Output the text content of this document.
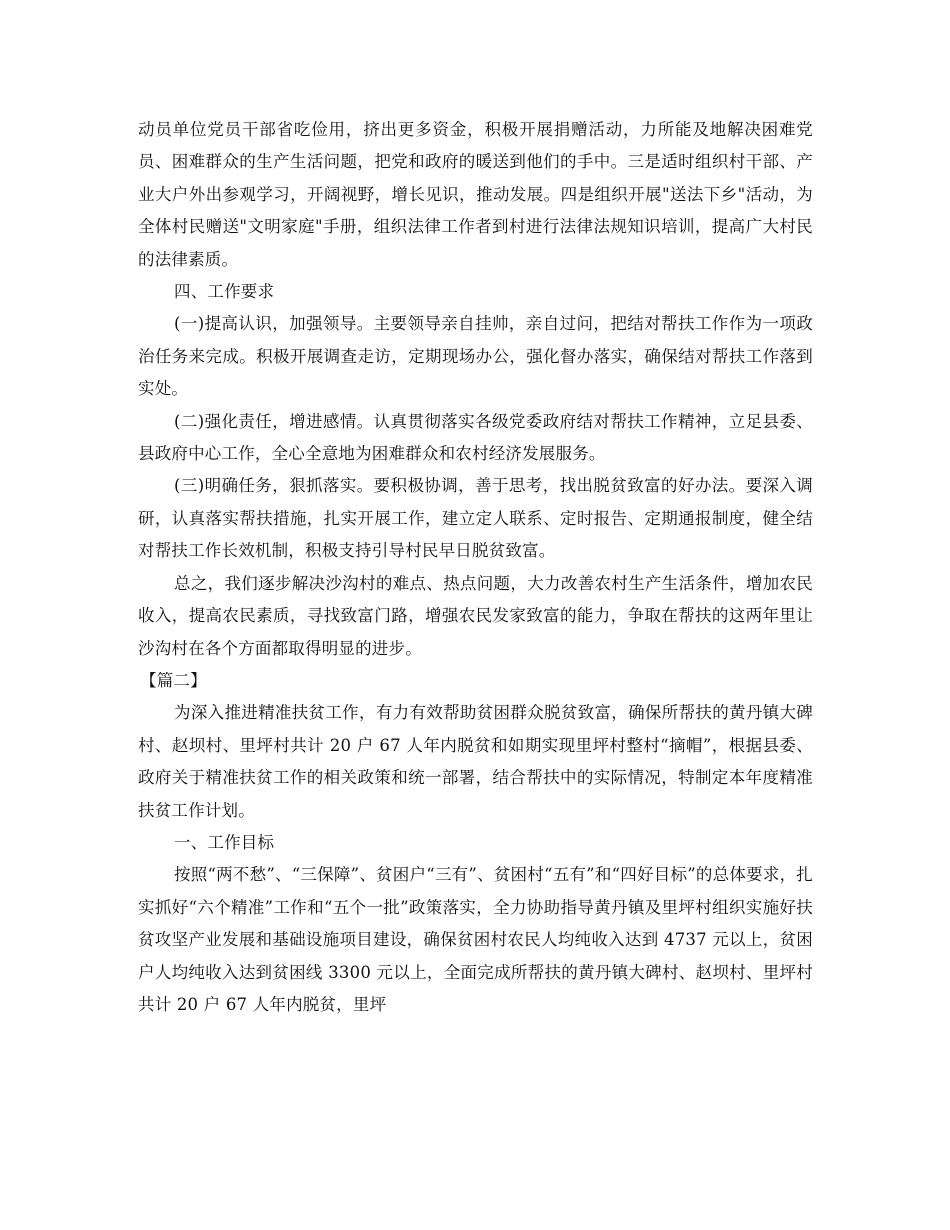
动员单位党员干部省吃俭用，挤出更多资金，积极开展捐赠活动，力所能及地解决困难党员、困难群众的生产生活问题，把党和政府的暖送到他们的手中。三是适时组织村干部、产业大户外出参观学习，开阔视野，增长见识，推动发展。四是组织开展"送法下乡"活动，为全体村民赠送"文明家庭"手册，组织法律工作者到村进行法律法规知识培训，提高广大村民的法律素质。

四、工作要求

(一)提高认识，加强领导。主要领导亲自挂帅，亲自过问，把结对帮扶工作作为一项政治任务来完成。积极开展调查走访，定期现场办公，强化督办落实，确保结对帮扶工作落到实处。

(二)强化责任，增进感情。认真贯彻落实各级党委政府结对帮扶工作精神，立足县委、县政府中心工作，全心全意地为困难群众和农村经济发展服务。

(三)明确任务，狠抓落实。要积极协调，善于思考，找出脱贫致富的好办法。要深入调研，认真落实帮扶措施，扎实开展工作，建立定人联系、定时报告、定期通报制度，健全结对帮扶工作长效机制，积极支持引导村民早日脱贫致富。

总之，我们逐步解决沙沟村的难点、热点问题，大力改善农村生产生活条件，增加农民收入，提高农民素质，寻找致富门路，增强农民发家致富的能力，争取在帮扶的这两年里让沙沟村在各个方面都取得明显的进步。

【篇二】

为深入推进精准扶贫工作，有力有效帮助贫困群众脱贫致富，确保所帮扶的黄丹镇大碑村、赵坝村、里坪村共计 20 户 67 人年内脱贫和如期实现里坪村整村“摘帽”，根据县委、政府关于精准扶贫工作的相关政策和统一部署，结合帮扶中的实际情况，特制定本年度精准扶贫工作计划。

一、工作目标

按照“两不愁”、“三保障”、贫困户“三有”、贫困村“五有”和“四好目标”的总体要求，扎实抓好“六个精准”工作和“五个一批”政策落实，全力协助指导黄丹镇及里坪村组织实施好扶贫攻坚产业发展和基础设施项目建设，确保贫困村农民人均纯收入达到 4737 元以上，贫困户人均纯收入达到贫困线 3300 元以上，全面完成所帮扶的黄丹镇大碑村、赵坝村、里坪村共计 20 户 67 人年内脱贫，里坪
